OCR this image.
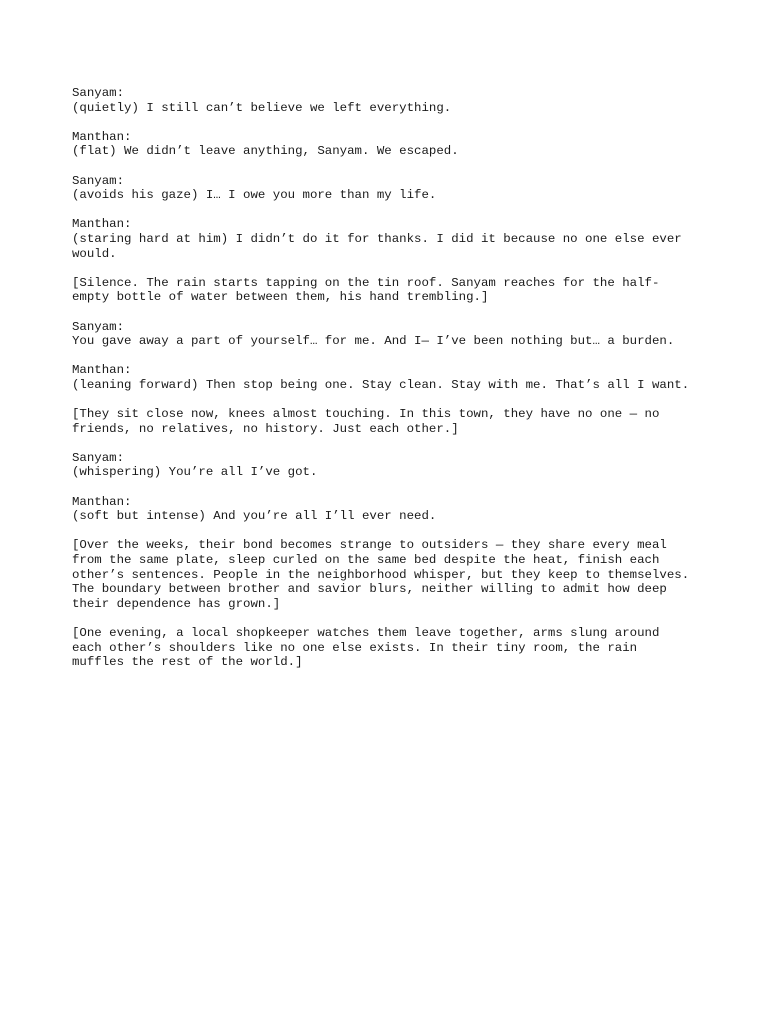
Sanyam:
(quietly) I still can’t believe we left everything.
Manthan:
(flat) We didn’t leave anything, Sanyam. We escaped.
Sanyam:
(avoids his gaze) I… I owe you more than my life.
Manthan:
(staring hard at him) I didn’t do it for thanks. I did it because no one else ever
would.
[Silence. The rain starts tapping on the tin roof. Sanyam reaches for the half-
empty bottle of water between them, his hand trembling.]
Sanyam:
You gave away a part of yourself… for me. And I— I’ve been nothing but… a burden.
Manthan:
(leaning forward) Then stop being one. Stay clean. Stay with me. That’s all I want.
[They sit close now, knees almost touching. In this town, they have no one — no
friends, no relatives, no history. Just each other.]
Sanyam:
(whispering) You’re all I’ve got.
Manthan:
(soft but intense) And you’re all I’ll ever need.
[Over the weeks, their bond becomes strange to outsiders — they share every meal
from the same plate, sleep curled on the same bed despite the heat, finish each
other’s sentences. People in the neighborhood whisper, but they keep to themselves.
The boundary between brother and savior blurs, neither willing to admit how deep
their dependence has grown.]
[One evening, a local shopkeeper watches them leave together, arms slung around
each other’s shoulders like no one else exists. In their tiny room, the rain
muffles the rest of the world.]
